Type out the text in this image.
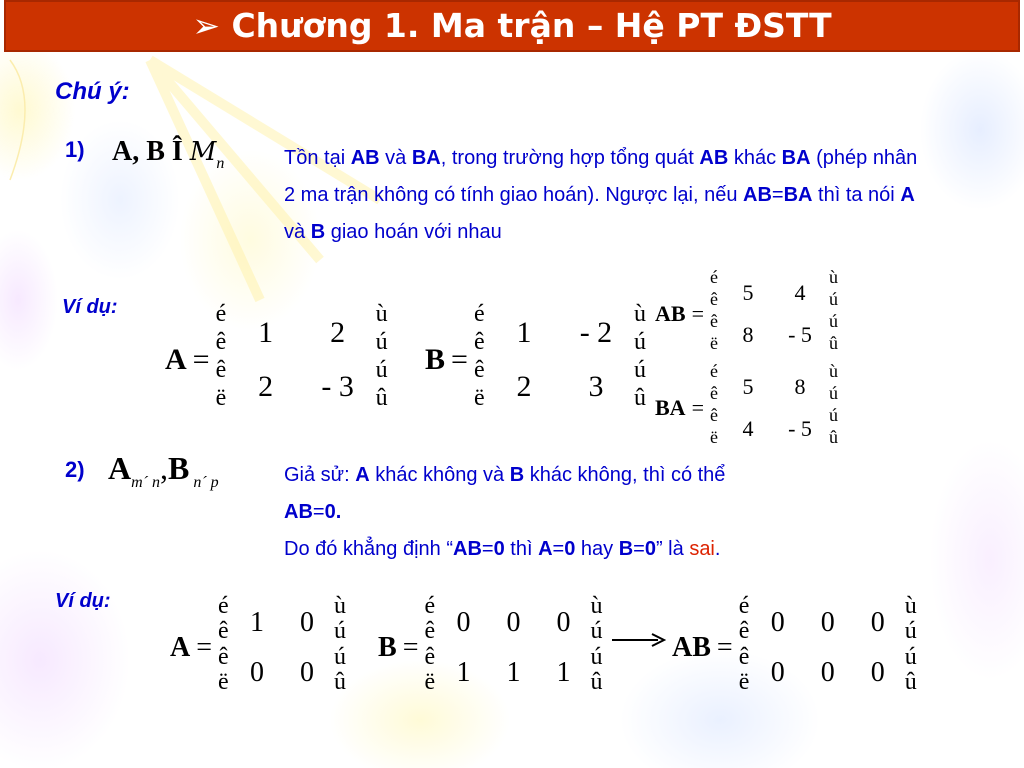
➢ Chương 1. Ma trận – Hệ PT ĐSTT
Chú ý:
1) A, B Î $M_n$	Tồn tại AB và BA, trong trường hợp tổng quát AB khác BA (phép nhân 2 ma trận không có tính giao hoán). Ngược lại, nếu AB=BA thì ta nói A và B giao hoán với nhau
Ví dụ:
A =
é
ê
ê
ë
ù
ú
ú
û
1	2
2	- 3
B =
é
ê
ê
ë
ù
ú
ú
û
1	- 2
2	3
AB =
é
ê
ê
ë
ù
ú
ú
û
5	4
8	- 5
BA =
é
ê
ê
ë
ù
ú
ú
û
5	8
4	- 5
2) $A_{m´ n},B$ $_{n´ p}$	Giả sử: A khác không và B khác không, thì có thể
AB=0.
Do đó khẳng định “AB=0 thì A=0 hay B=0” là sai.
Ví dụ:
A =
é
ê
ê
ë
ù
ú
ú
û
1	0
0	0
B =
é
ê
ê
ë
ù
ú
ú
û
0	0	0
1	1	1
AB =
é
ê
ê
ë
ù
ú
ú
û
0	0	0
0	0	0
